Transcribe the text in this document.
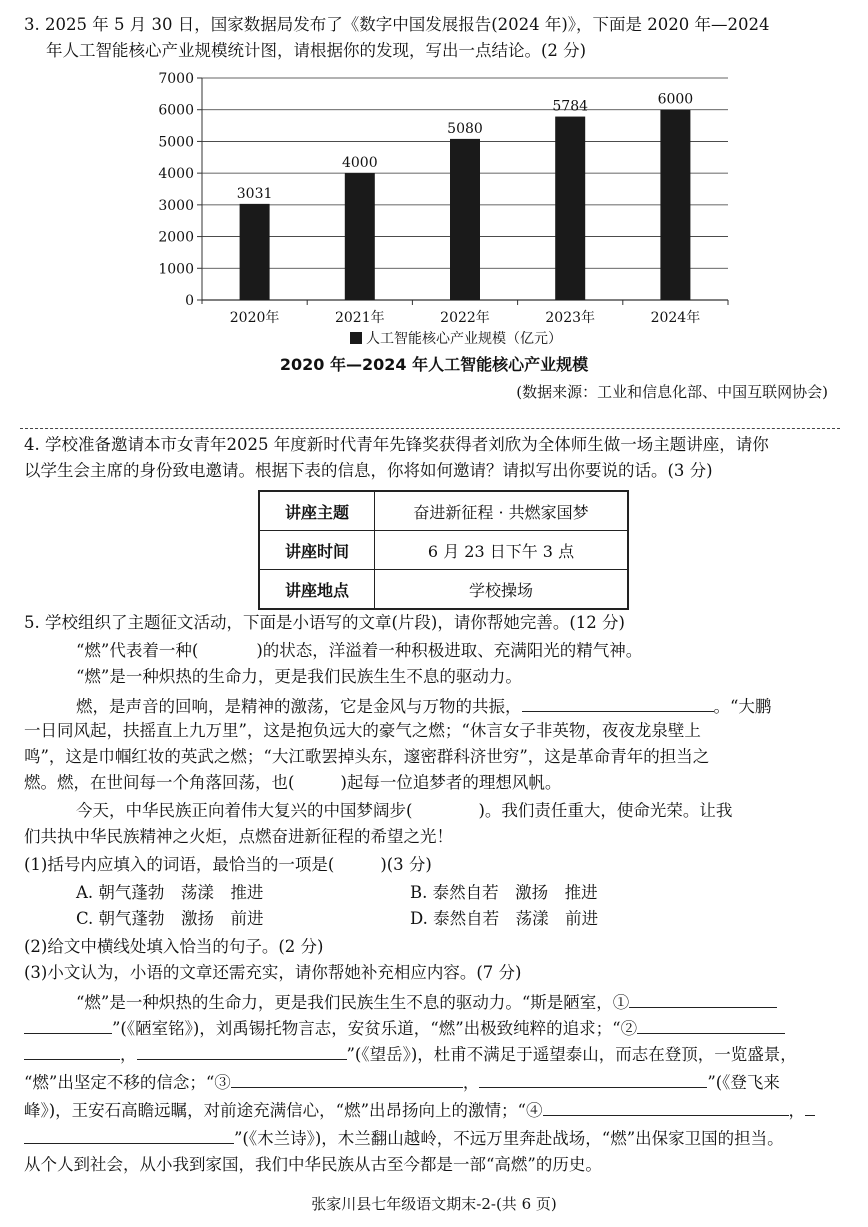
3. 2025 年 5 月 30 日，国家数据局发布了《数字中国发展报告(2024 年)》，下面是 2020 年—2024
年人工智能核心产业规模统计图，请根据你的发现，写出一点结论。(2 分)
0
1000
2000
3000
4000
5000
6000
7000
3031
2020年
4000
2021年
5080
2022年
5784
2023年
6000
2024年
人工智能核心产业规模（亿元）
2020 年—2024 年人工智能核心产业规模
(数据来源：工业和信息化部、中国互联网协会)
4. 学校准备邀请本市女青年2025 年度新时代青年先锋奖获得者刘欣为全体师生做一场主题讲座，请你
以学生会主席的身份致电邀请。根据下表的信息，你将如何邀请？请拟写出你要说的话。(3 分)
讲座主题	奋进新征程 · 共燃家国梦
讲座时间	6 月 23 日下午 3 点
讲座地点	学校操场
5. 学校组织了主题征文活动，下面是小语写的文章(片段)，请你帮她完善。(12 分)
“燃”代表着一种(	)的状态，洋溢着一种积极进取、充满阳光的精气神。
“燃”是一种炽热的生命力，更是我们民族生生不息的驱动力。
燃，是声音的回响，是精神的激荡，它是金风与万物的共振，	。“大鹏
一日同风起，扶摇直上九万里”，这是抱负远大的豪气之燃；“休言女子非英物，夜夜龙泉壁上
鸣”，这是巾帼红妆的英武之燃；“大江歌罢掉头东，邃密群科济世穷”，这是革命青年的担当之
燃。燃，在世间每一个角落回荡，也(	)起每一位追梦者的理想风帆。
今天，中华民族正向着伟大复兴的中国梦阔步(	)。我们责任重大，使命光荣。让我
们共执中华民族精神之火炬，点燃奋进新征程的希望之光！
(1)括号内应填入的词语，最恰当的一项是(	)(3 分)
A. 朝气蓬勃　荡漾　推进	B. 泰然自若　激扬　推进
C. 朝气蓬勃　激扬　前进	D. 泰然自若　荡漾　前进
(2)给文中横线处填入恰当的句子。(2 分)
(3)小文认为，小语的文章还需充实，请你帮她补充相应内容。(7 分)
“燃”是一种炽热的生命力，更是我们民族生生不息的驱动力。“斯是陋室，①
”(《陋室铭》)，刘禹锡托物言志，安贫乐道，“燃”出极致纯粹的追求；“②
，	”(《望岳》)，杜甫不满足于遥望泰山，而志在登顶，一览盛景，
“燃”出坚定不移的信念；“③	，	”(《登飞来
峰》)，王安石高瞻远瞩，对前途充满信心，“燃”出昂扬向上的激情；“④	，
”(《木兰诗》)，木兰翻山越岭，不远万里奔赴战场，“燃”出保家卫国的担当。
从个人到社会，从小我到家国，我们中华民族从古至今都是一部“高燃”的历史。
张家川县七年级语文期末-2-(共 6 页)
